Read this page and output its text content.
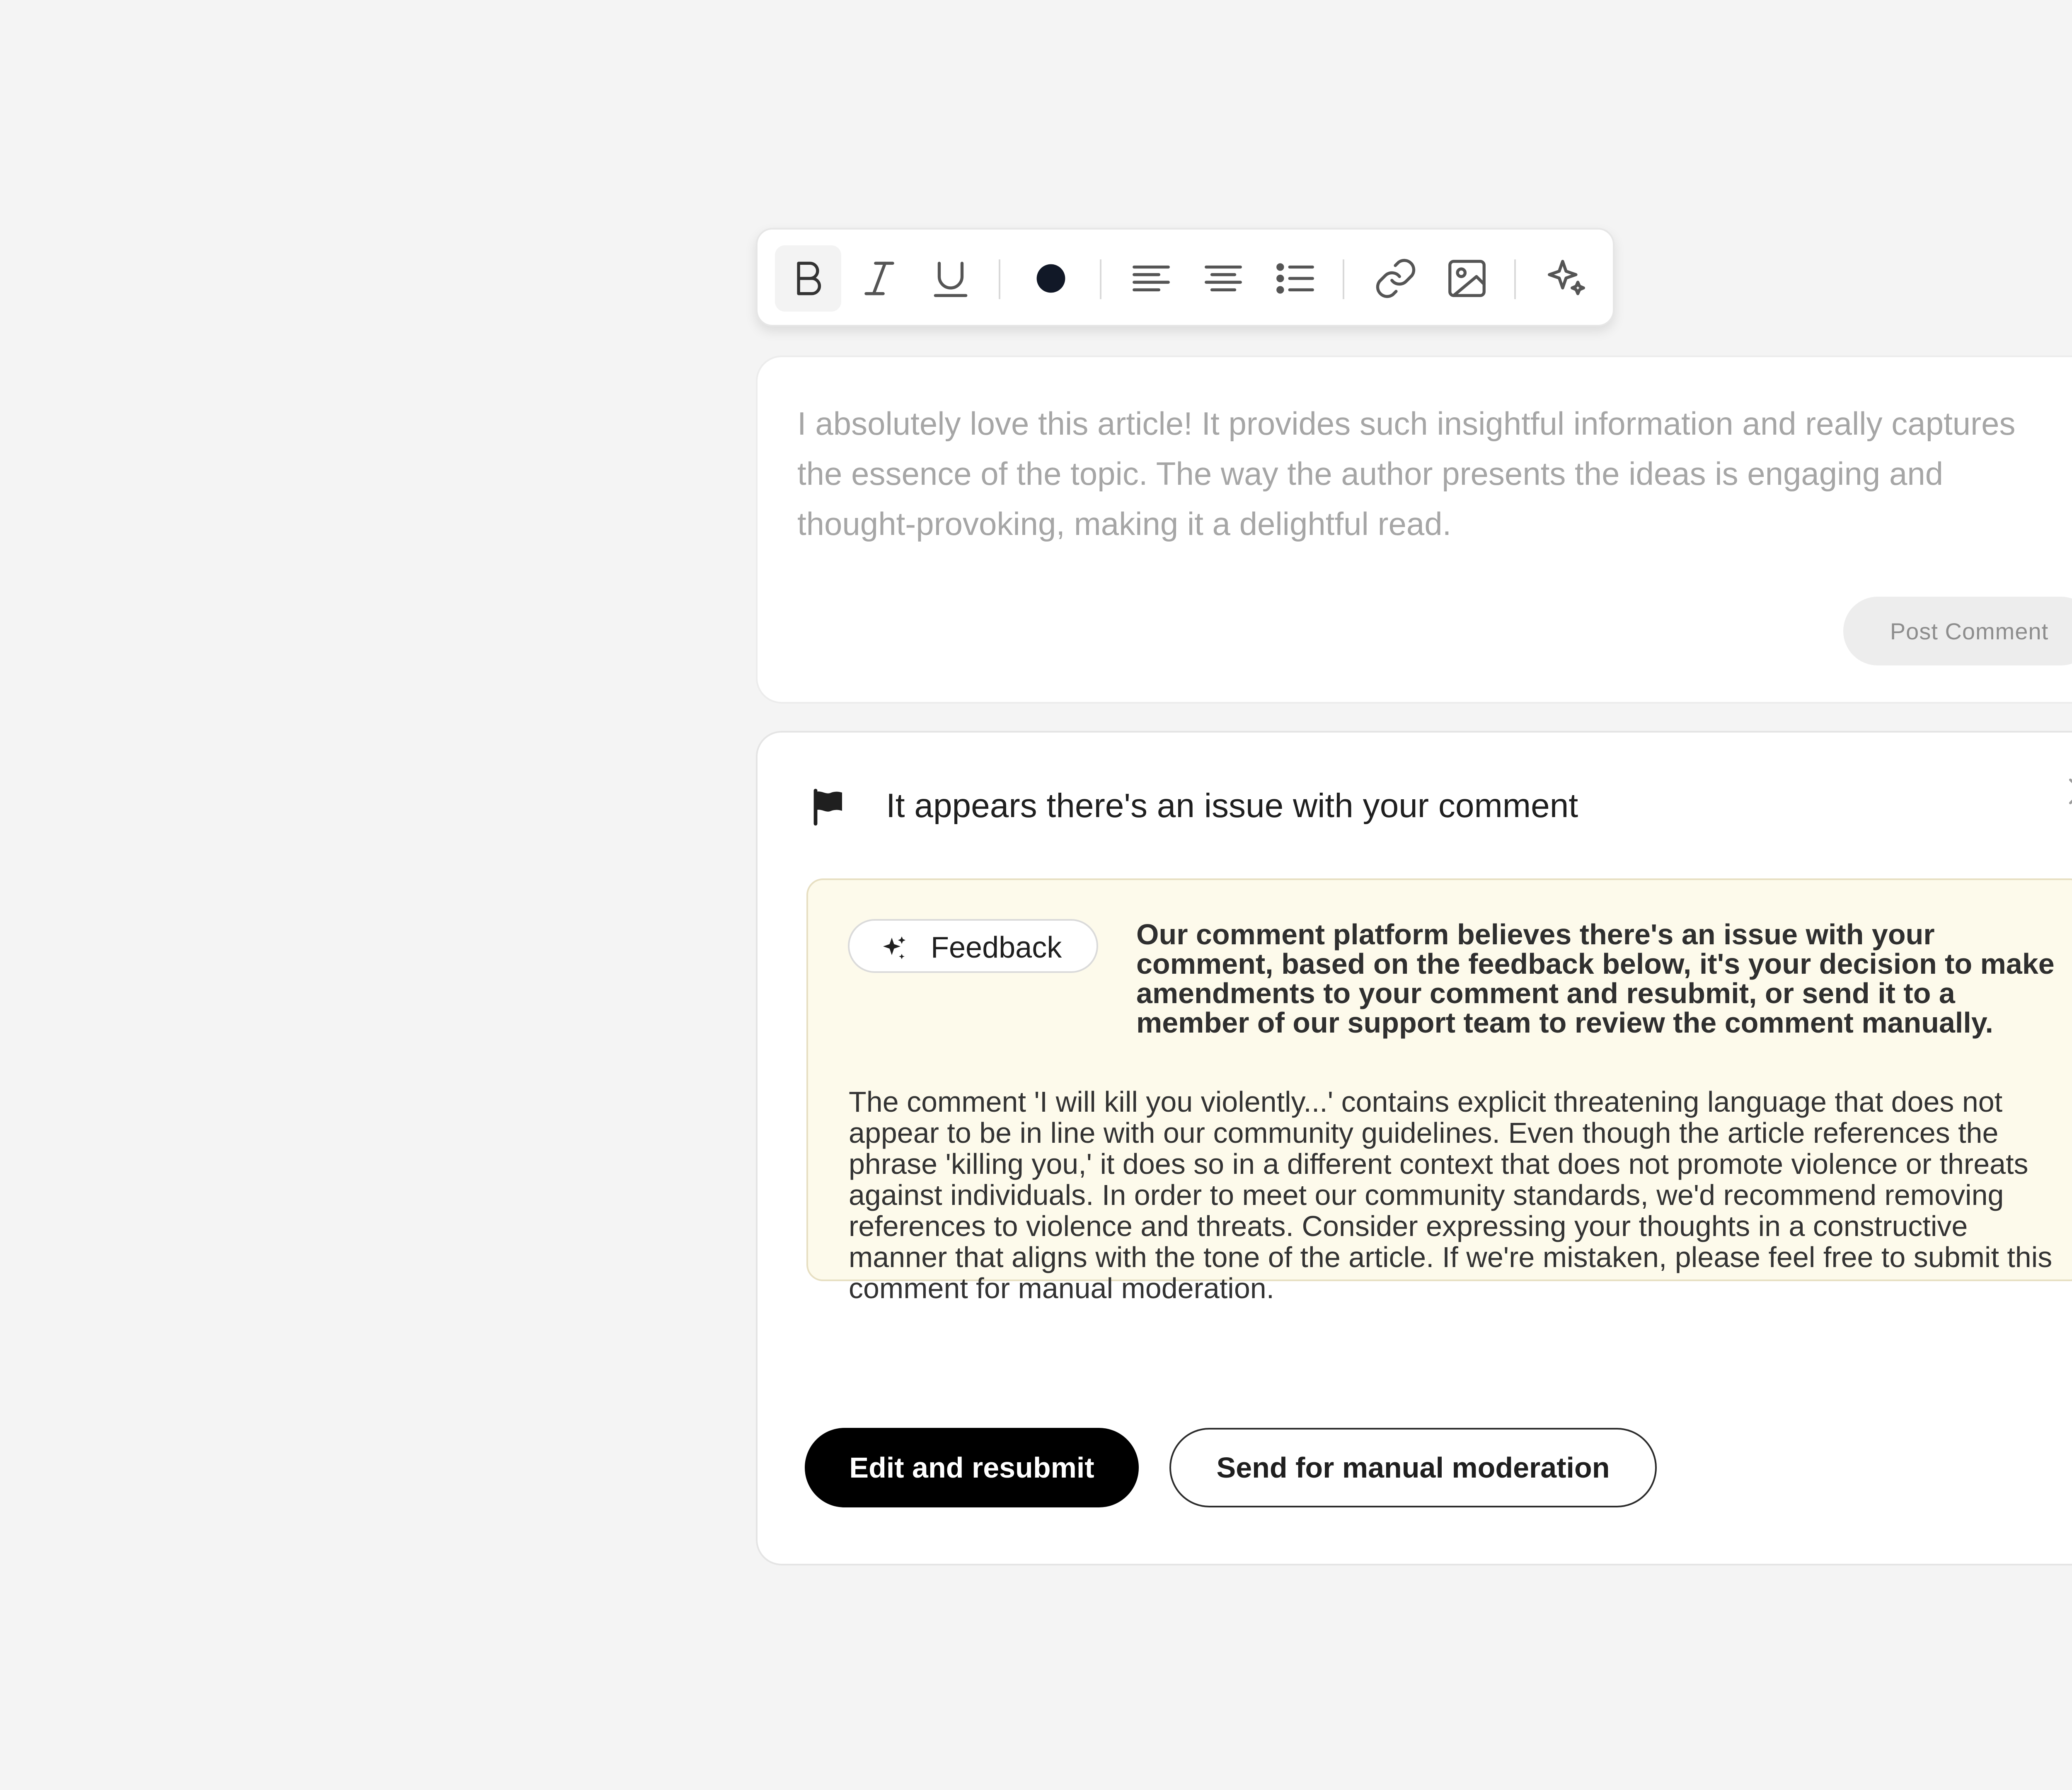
I absolutely love this article! It provides such insightful information and really captures the essence of the topic. The way the author presents the ideas is engaging and thought-provoking, making it a delightful read.
Post Comment
It appears there's an issue with your comment
Feedback	Our comment platform believes there's an issue with your comment, based on the feedback below, it's your decision to make amendments to your comment and resubmit, or send it to a member of our support team to review the comment manually.
The comment 'I will kill you violently...' contains explicit threatening language that does not appear to be in line with our community guidelines. Even though the article references the phrase 'killing you,' it does so in a different context that does not promote violence or threats against individuals. In order to meet our community standards, we'd recommend removing references to violence and threats. Consider expressing your thoughts in a constructive manner that aligns with the tone of the article. If we're mistaken, please feel free to submit this comment for manual moderation.
Edit and resubmit	Send for manual moderation
